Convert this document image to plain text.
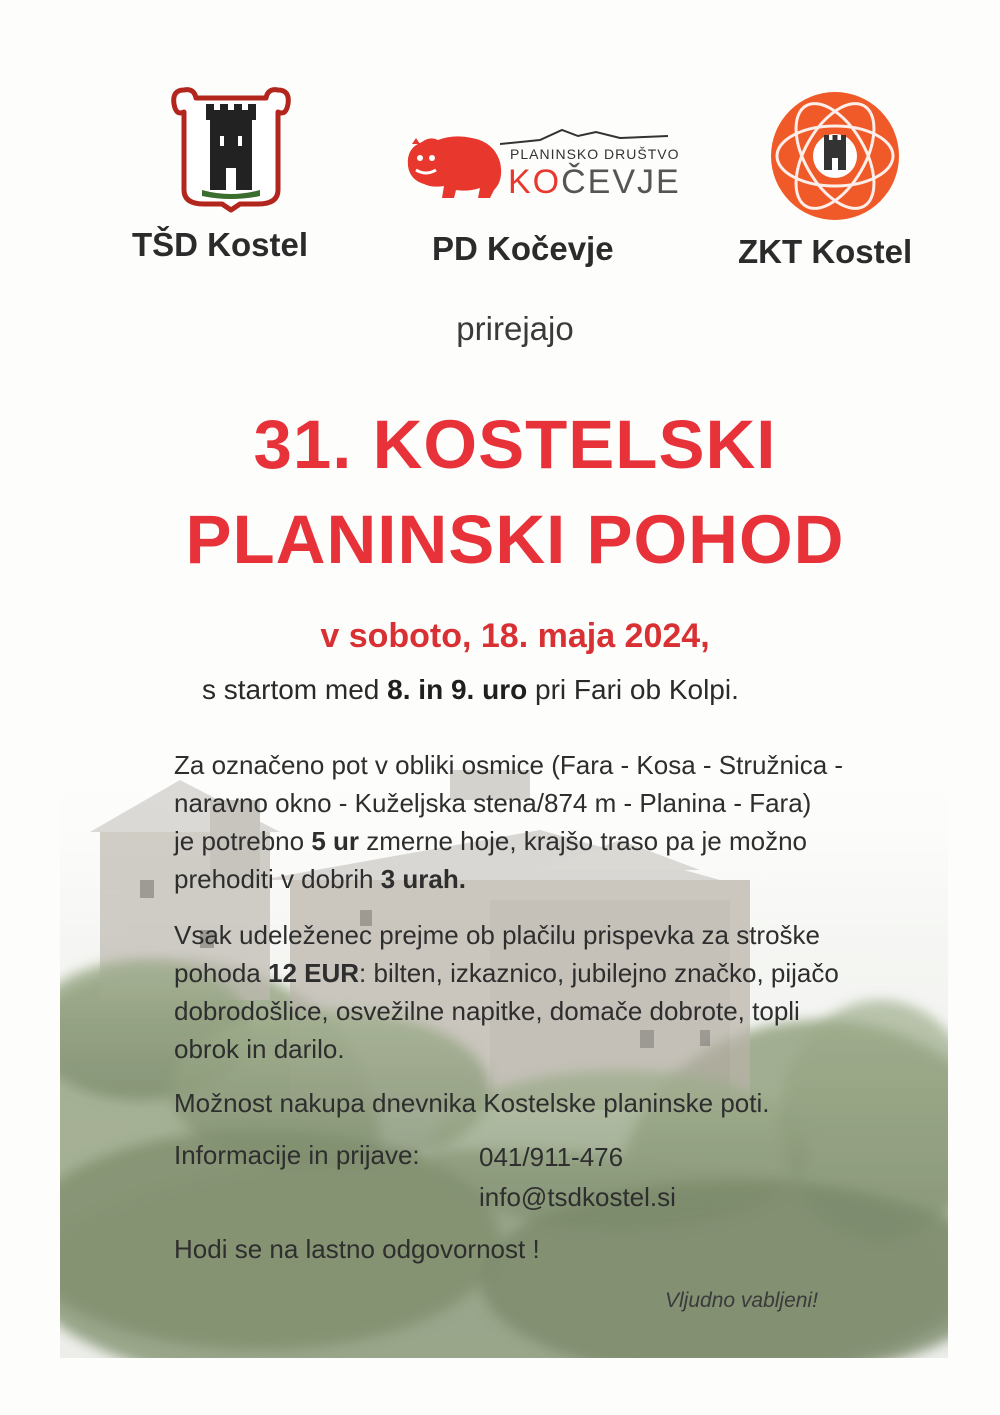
TŠD Kostel
PLANINSKO DRUŠTVO
KOČEVJE
PD Kočevje	ZKT Kostel
prirejajo
31. KOSTELSKI
PLANINSKI POHOD
v soboto, 18. maja 2024,
s startom med 8. in 9. uro pri Fari ob Kolpi.
Za označeno pot v obliki osmice (Fara - Kosa - Stružnica -
naravno okno - Kuželjska stena/874 m - Planina - Fara)
je potrebno 5 ur zmerne hoje, krajšo traso pa je možno
prehoditi v dobrih 3 urah.
Vsak udeleženec prejme ob plačilu prispevka za stroške
pohoda 12 EUR: bilten, izkaznico, jubilejno značko, pijačo
dobrodošlice, osvežilne napitke, domače dobrote, topli
obrok in darilo.
Možnost nakupa dnevnika Kostelske planinske poti.
Informacije in prijave: 041/911-476
info@tsdkostel.si
Hodi se na lastno odgovornost !
Vljudno vabljeni!
